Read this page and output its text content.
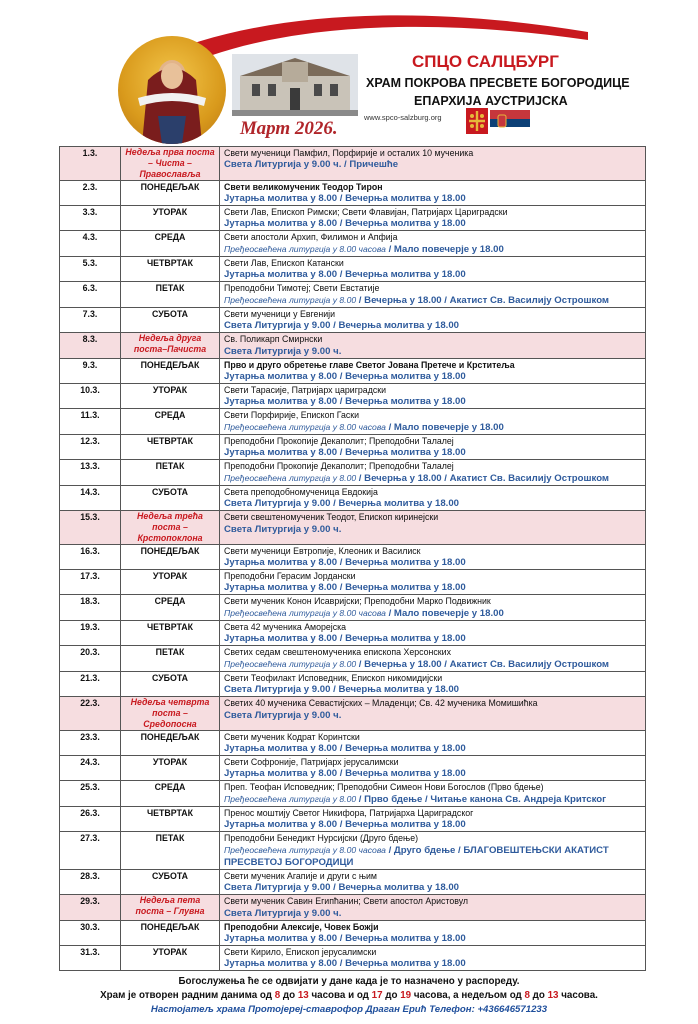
СПЦО САЛЦБУРГ
ХРАМ ПОКРОВА ПРЕСВЕТЕ БОГОРОДИЦЕ
ЕПАРХИЈА АУСТРИЈСКА
Март 2026.
www.spco-salzburg.org
1.3.	Недеља прва поста – Чиста – Православља	Свети мученици Памфил, Порфирије и осталих 10 мученика
Света Литургија у 9.00 ч. / Причешће

2.3.	ПОНЕДЕЉАК	Свети великомученик Теодор Тирон
Јутарња молитва у 8.00 / Вечерња молитва у 18.00

3.3.	УТОРАК	Свети Лав, Епископ Римски; Свети Флавијан, Патријарх Цариградски
Јутарња молитва у 8.00 / Вечерња молитва у 18.00

4.3.	СРЕДА	Свети апостоли Архип, Филимон и Апфија
Пређеосвећена литургија у 8.00 часова / Мало повечерје у 18.00

5.3.	ЧЕТВРТАК	Свети Лав, Епископ Катански
Јутарња молитва у 8.00 / Вечерња молитва у 18.00

6.3.	ПЕТАК	Преподобни Тимотеј; Свети Евстатије
Пређеосвећена литургија у 8.00 / Вечерња у 18.00 / Акатист Св. Василију Острошком

7.3.	СУБОТА	Свети мученици у Евгенији
Света Литургија у 9.00 / Вечерња молитва у 18.00

8.3.	Недеља друга поста–Пачиста	Св. Поликарп Смирнски
Света Литургија у 9.00 ч.

9.3.	ПОНЕДЕЉАК	Прво и друго обретење главе Светог Јована Претече и Крститеља
Јутарња молитва у 8.00 / Вечерња молитва у 18.00

10.3.	УТОРАК	Свети Тарасије, Патријарх цариградски
Јутарња молитва у 8.00 / Вечерња молитва у 18.00

11.3.	СРЕДА	Свети Порфирије, Епископ Гаски
Пређеосвећена литургија у 8.00 часова / Мало повечерје у 18.00

12.3.	ЧЕТВРТАК	Преподобни Прокопије Декаполит; Преподобни Талалеј
Јутарња молитва у 8.00 / Вечерња молитва у 18.00

13.3.	ПЕТАК	Преподобни Прокопије Декаполит; Преподобни Талалеј
Пређеосвећена литургија у 8.00 / Вечерња у 18.00 / Акатист Св. Василију Острошком

14.3.	СУБОТА	Света преподобномученица Евдокија
Света Литургија у 9.00 / Вечерња молитва у 18.00

15.3.	Недеља трећа поста – Крстопоклона	Свети свештеномученик Теодот, Епископ киринејски
Света Литургија у 9.00 ч.

16.3.	ПОНЕДЕЉАК	Свети мученици Евтропије, Клеоник и Василиск
Јутарња молитва у 8.00 / Вечерња молитва у 18.00

17.3.	УТОРАК	Преподобни Герасим Јордански
Јутарња молитва у 8.00 / Вечерња молитва у 18.00

18.3.	СРЕДА	Свети мученик Конон Исавријски; Преподобни Марко Подвижник
Пређеосвећена литургија у 8.00 часова / Мало повечерје у 18.00

19.3.	ЧЕТВРТАК	Света 42 мученика Аморејска
Јутарња молитва у 8.00 / Вечерња молитва у 18.00

20.3.	ПЕТАК	Светих седам свештеномученика епископа Херсонских
Пређеосвећена литургија у 8.00 / Вечерња у 18.00 / Акатист Св. Василију Острошком

21.3.	СУБОТА	Свети Теофилакт Исповедник, Епископ никомидијски
Света Литургија у 9.00 / Вечерња молитва у 18.00

22.3.	Недеља четврта поста – Средопосна	Светих 40 мученика Севастијских – Младенци; Св. 42 мученика Момишићка
Света Литургија у 9.00 ч.

23.3.	ПОНЕДЕЉАК	Свети мученик Кодрат Коринтски
Јутарња молитва у 8.00 / Вечерња молитва у 18.00

24.3.	УТОРАК	Свети Софроније, Патријарх јерусалимски
Јутарња молитва у 8.00 / Вечерња молитва у 18.00

25.3.	СРЕДА	Преп. Теофан Исповедник; Преподобни Симеон Нови Богослов (Прво бдење)
Пређеосвећена литургија у 8.00 / Прво бдење / Читање канона Св. Андреја Критског

26.3.	ЧЕТВРТАК	Пренос моштију Светог Никифора, Патријарха Цариградског
Јутарња молитва у 8.00 / Вечерња молитва у 18.00

27.3.	ПЕТАК	Преподобни Бенедикт Нурсијски (Друго бдење)
Пређеосвећена литургија у 8.00 часова / Друго бдење / БЛАГОВЕШТЕЊСКИ АКАТИСТ ПРЕСВЕТОЈ БОГОРОДИЦИ

28.3.	СУБОТА	Свети мученик Агапије и други с њим
Света Литургија у 9.00 / Вечерња молитва у 18.00

29.3.	Недеља пета поста – Глувна	Свети мученик Савин Египћанин; Свети апостол Аристовул
Света Литургија у 9.00 ч.

30.3.	ПОНЕДЕЉАК	Преподобни Алексије, Човек Божји
Јутарња молитва у 8.00 / Вечерња молитва у 18.00

31.3.	УТОРАК	Свети Кирило, Епископ јерусалимски
Јутарња молитва у 8.00 / Вечерња молитва у 18.00
Богослужења ће се одвијати у дане када је то назначено у распореду.
Храм је отворен радним данима од 8 до 13 часова и од 17 до 19 часова, а недељом од 8 до 13 часова.
Настојатељ храма Протојереј-ставрофор Драган Ерић Телефон: +436646571233
